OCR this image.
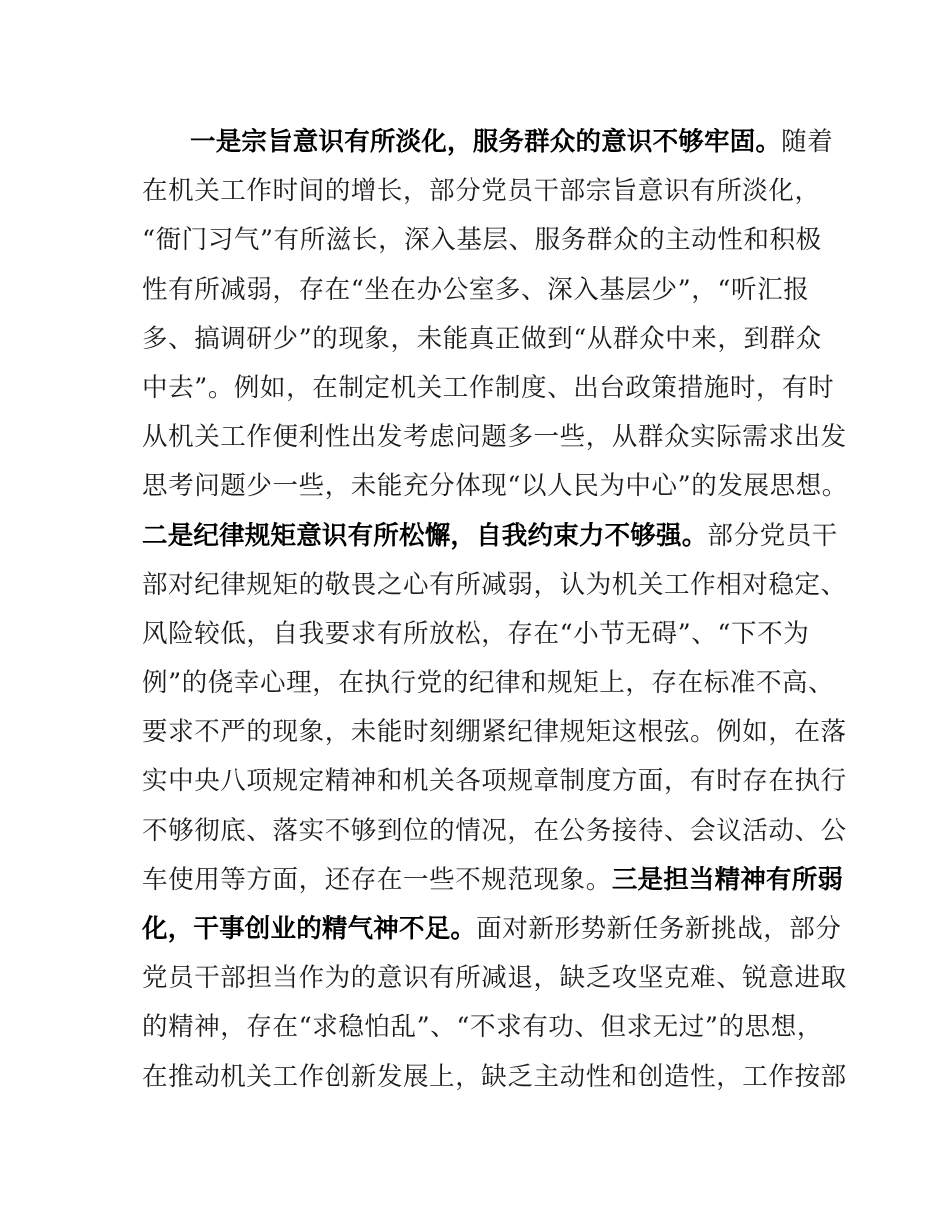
一是宗旨意识有所淡化，服务群众的意识不够牢固。随着
在机关工作时间的增长，部分党员干部宗旨意识有所淡化，
“衙门习气”有所滋长，深入基层、服务群众的主动性和积极
性有所减弱，存在“坐在办公室多、深入基层少”，“听汇报
多、搞调研少”的现象，未能真正做到“从群众中来，到群众
中去”。例如，在制定机关工作制度、出台政策措施时，有时
从机关工作便利性出发考虑问题多一些，从群众实际需求出发
思考问题少一些，未能充分体现“以人民为中心”的发展思想。
二是纪律规矩意识有所松懈，自我约束力不够强。部分党员干
部对纪律规矩的敬畏之心有所减弱，认为机关工作相对稳定、
风险较低，自我要求有所放松，存在“小节无碍”、“下不为
例”的侥幸心理，在执行党的纪律和规矩上，存在标准不高、
要求不严的现象，未能时刻绷紧纪律规矩这根弦。例如，在落
实中央八项规定精神和机关各项规章制度方面，有时存在执行
不够彻底、落实不够到位的情况，在公务接待、会议活动、公
车使用等方面，还存在一些不规范现象。三是担当精神有所弱
化，干事创业的精气神不足。面对新形势新任务新挑战，部分
党员干部担当作为的意识有所减退，缺乏攻坚克难、锐意进取
的精神，存在“求稳怕乱”、“不求有功、但求无过”的思想，
在推动机关工作创新发展上，缺乏主动性和创造性，工作按部
